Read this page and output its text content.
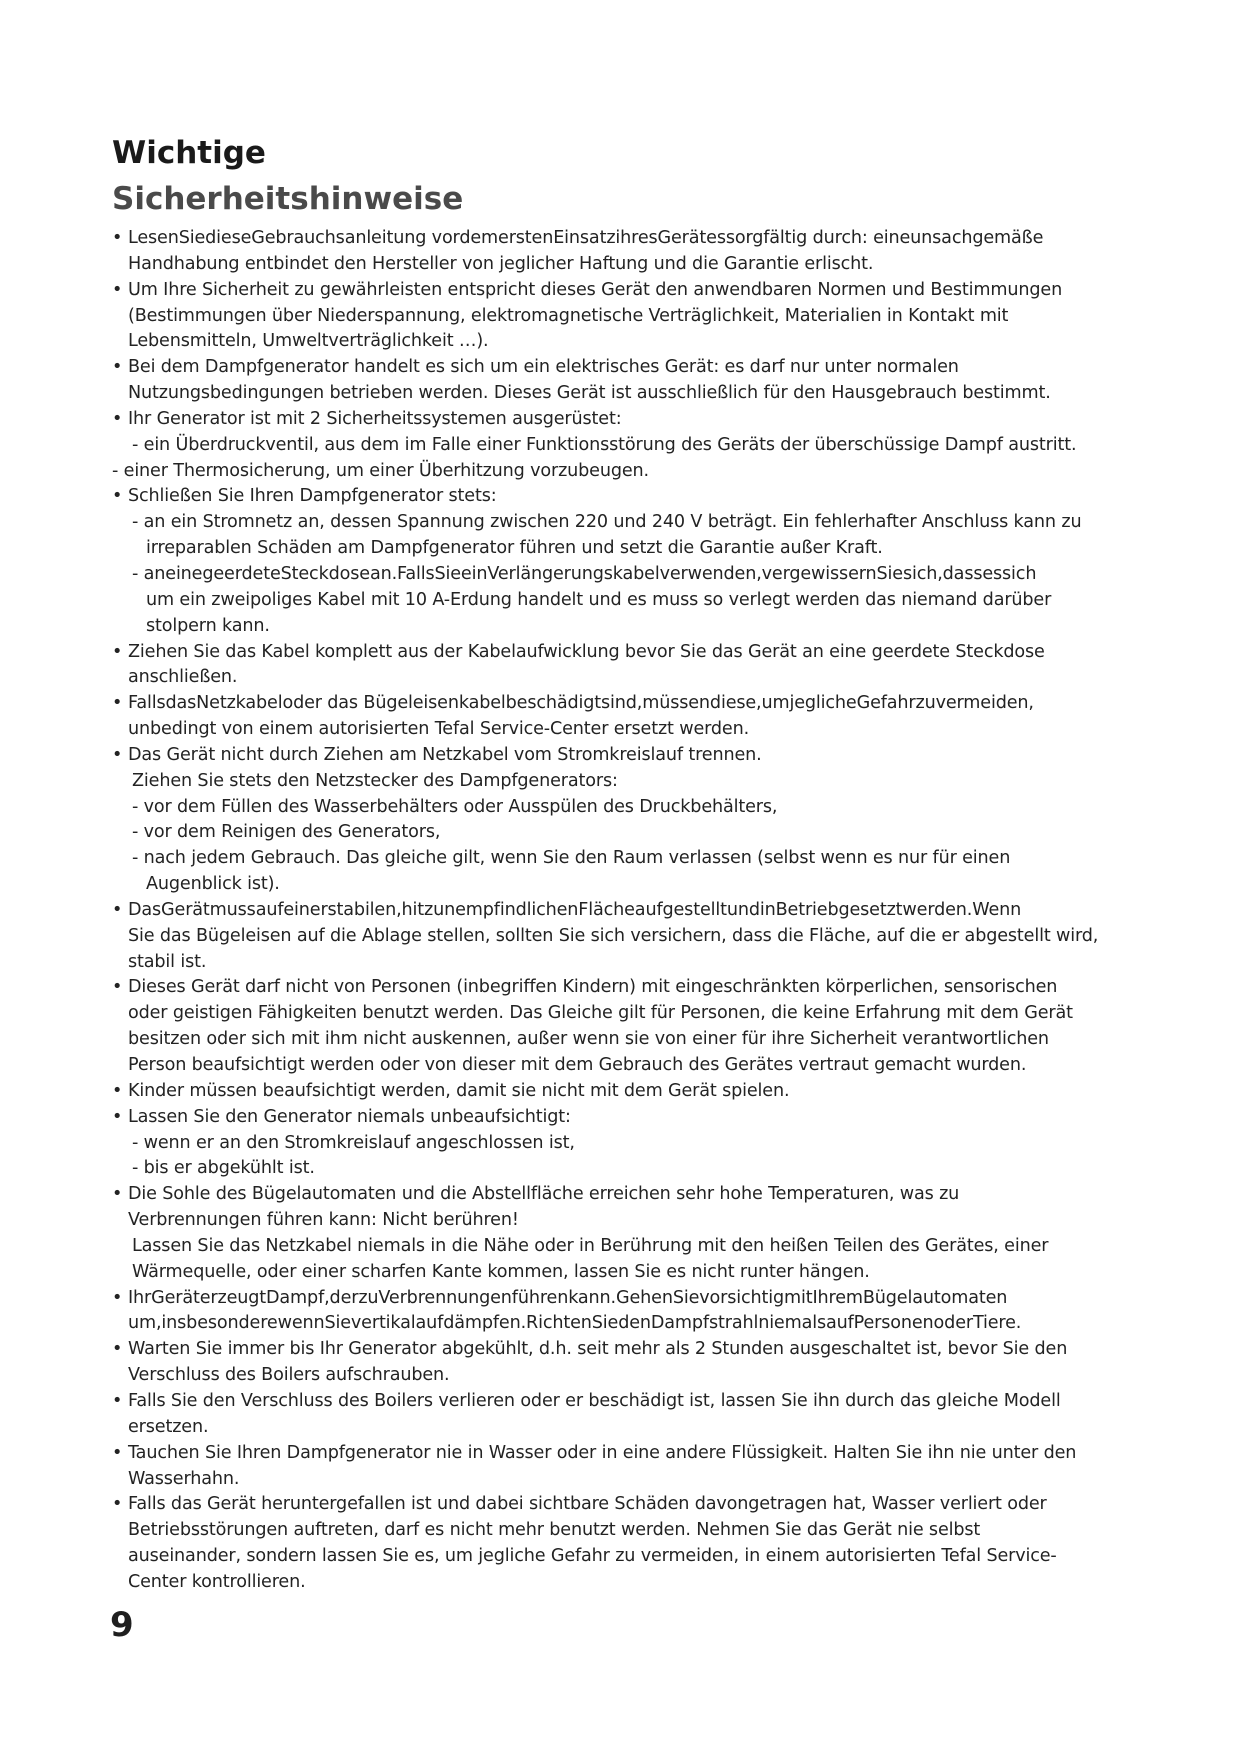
Wichtige
Sicherheitshinweise
• LesenSiedieseGebrauchsanleitung vordemerstenEinsatzihresGerätessorgfältig durch: eineunsachgemäße
Handhabung entbindet den Hersteller von jeglicher Haftung und die Garantie erlischt.
• Um Ihre Sicherheit zu gewährleisten entspricht dieses Gerät den anwendbaren Normen und Bestimmungen
(Bestimmungen über Niederspannung, elektromagnetische Verträglichkeit, Materialien in Kontakt mit
Lebensmitteln, Umweltverträglichkeit …).
• Bei dem Dampfgenerator handelt es sich um ein elektrisches Gerät: es darf nur unter normalen
Nutzungsbedingungen betrieben werden. Dieses Gerät ist ausschließlich für den Hausgebrauch bestimmt.
• Ihr Generator ist mit 2 Sicherheitssystemen ausgerüstet:
- ein Überdruckventil, aus dem im Falle einer Funktionsstörung des Geräts der überschüssige Dampf austritt.
- einer Thermosicherung, um einer Überhitzung vorzubeugen.
• Schließen Sie Ihren Dampfgenerator stets:
- an ein Stromnetz an, dessen Spannung zwischen 220 und 240 V beträgt. Ein fehlerhafter Anschluss kann zu
irreparablen Schäden am Dampfgenerator führen und setzt die Garantie außer Kraft.
- aneinegeerdeteSteckdosean.FallsSieeinVerlängerungskabelverwenden,vergewissernSiesich,dassessich
um ein zweipoliges Kabel mit 10 A-Erdung handelt und es muss so verlegt werden das niemand darüber
stolpern kann.
• Ziehen Sie das Kabel komplett aus der Kabelaufwicklung bevor Sie das Gerät an eine geerdete Steckdose
anschließen.
• FallsdasNetzkabeloder das Bügeleisenkabelbeschädigtsind,müssendiese,umjeglicheGefahrzuvermeiden,
unbedingt von einem autorisierten Tefal Service-Center ersetzt werden.
• Das Gerät nicht durch Ziehen am Netzkabel vom Stromkreislauf trennen.
Ziehen Sie stets den Netzstecker des Dampfgenerators:
- vor dem Füllen des Wasserbehälters oder Ausspülen des Druckbehälters,
- vor dem Reinigen des Generators,
- nach jedem Gebrauch. Das gleiche gilt, wenn Sie den Raum verlassen (selbst wenn es nur für einen
Augenblick ist).
• DasGerätmussaufeinerstabilen,hitzunempfindlichenFlächeaufgestelltundinBetriebgesetztwerden.Wenn
Sie das Bügeleisen auf die Ablage stellen, sollten Sie sich versichern, dass die Fläche, auf die er abgestellt wird,
stabil ist.
• Dieses Gerät darf nicht von Personen (inbegriffen Kindern) mit eingeschränkten körperlichen, sensorischen
oder geistigen Fähigkeiten benutzt werden. Das Gleiche gilt für Personen, die keine Erfahrung mit dem Gerät
besitzen oder sich mit ihm nicht auskennen, außer wenn sie von einer für ihre Sicherheit verantwortlichen
Person beaufsichtigt werden oder von dieser mit dem Gebrauch des Gerätes vertraut gemacht wurden.
• Kinder müssen beaufsichtigt werden, damit sie nicht mit dem Gerät spielen.
• Lassen Sie den Generator niemals unbeaufsichtigt:
- wenn er an den Stromkreislauf angeschlossen ist,
- bis er abgekühlt ist.
• Die Sohle des Bügelautomaten und die Abstellfläche erreichen sehr hohe Temperaturen, was zu
Verbrennungen führen kann: Nicht berühren!
Lassen Sie das Netzkabel niemals in die Nähe oder in Berührung mit den heißen Teilen des Gerätes, einer
Wärmequelle, oder einer scharfen Kante kommen, lassen Sie es nicht runter hängen.
• IhrGeräterzeugtDampf,derzuVerbrennungenführenkann.GehenSievorsichtigmitIhremBügelautomaten
um,insbesonderewennSievertikalaufdämpfen.RichtenSiedenDampfstrahlniemalsaufPersonenoderTiere.
• Warten Sie immer bis Ihr Generator abgekühlt, d.h. seit mehr als 2 Stunden ausgeschaltet ist, bevor Sie den
Verschluss des Boilers aufschrauben.
• Falls Sie den Verschluss des Boilers verlieren oder er beschädigt ist, lassen Sie ihn durch das gleiche Modell
ersetzen.
• Tauchen Sie Ihren Dampfgenerator nie in Wasser oder in eine andere Flüssigkeit. Halten Sie ihn nie unter den
Wasserhahn.
• Falls das Gerät heruntergefallen ist und dabei sichtbare Schäden davongetragen hat, Wasser verliert oder
Betriebsstörungen auftreten, darf es nicht mehr benutzt werden. Nehmen Sie das Gerät nie selbst
auseinander, sondern lassen Sie es, um jegliche Gefahr zu vermeiden, in einem autorisierten Tefal Service-
Center kontrollieren.
9
